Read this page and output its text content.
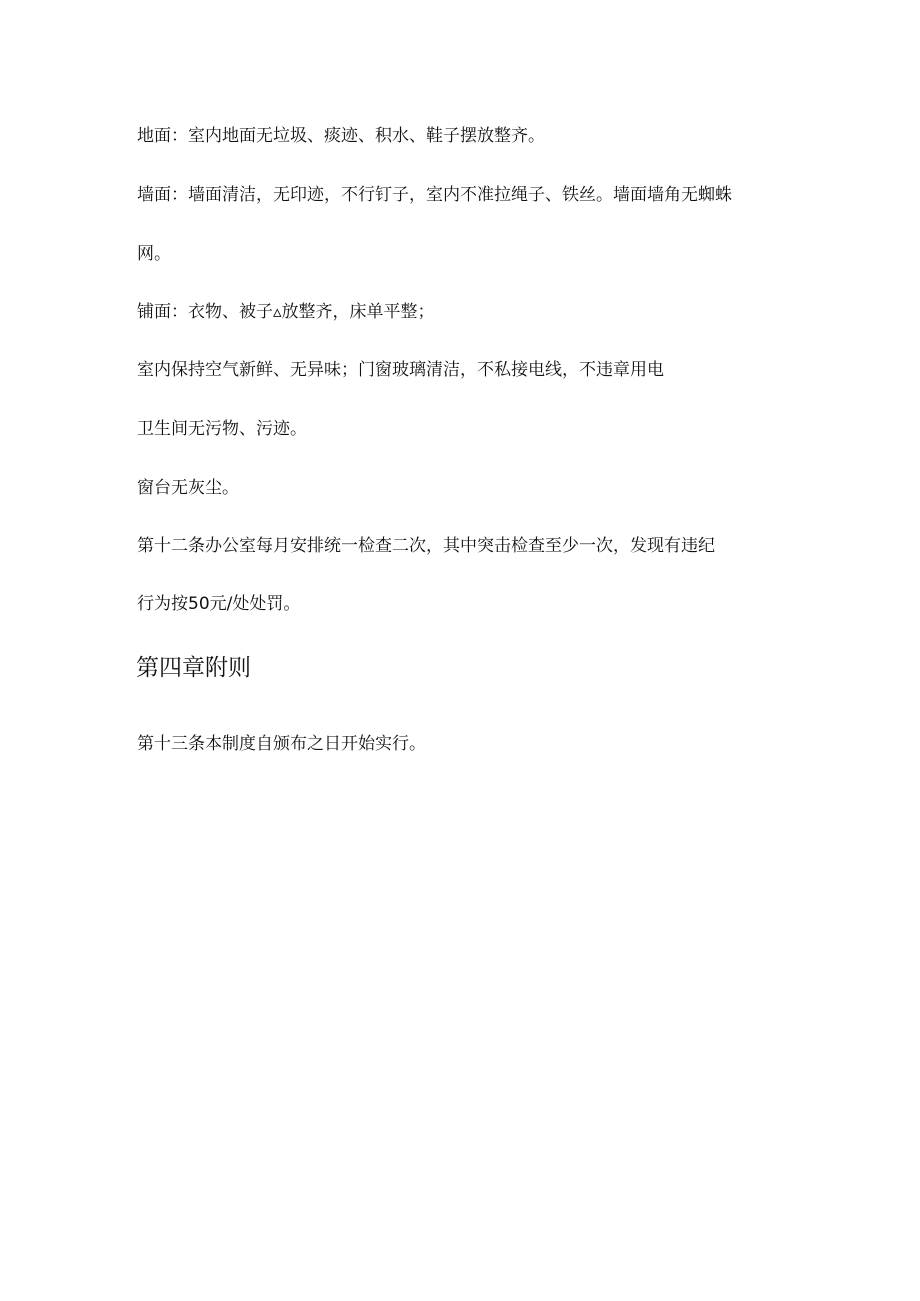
地面：室内地面无垃圾、痰迹、积水、鞋子摆放整齐。
墙面：墙面清洁，无印迹，不行钉子，室内不准拉绳子、铁丝。墙面墙角无蜘蛛
网。
铺面：衣物、被子▵放整齐，床单平整；
室内保持空气新鲜、无异味；门窗玻璃清洁，不私接电线，不违章用电
卫生间无污物、污迹。
窗台无灰尘。
第十二条办公室每月安排统一检查二次，其中突击检查至少一次，发现有违纪
行为按50元/处处罚。
第四章附则
第十三条本制度自颁布之日开始实行。
